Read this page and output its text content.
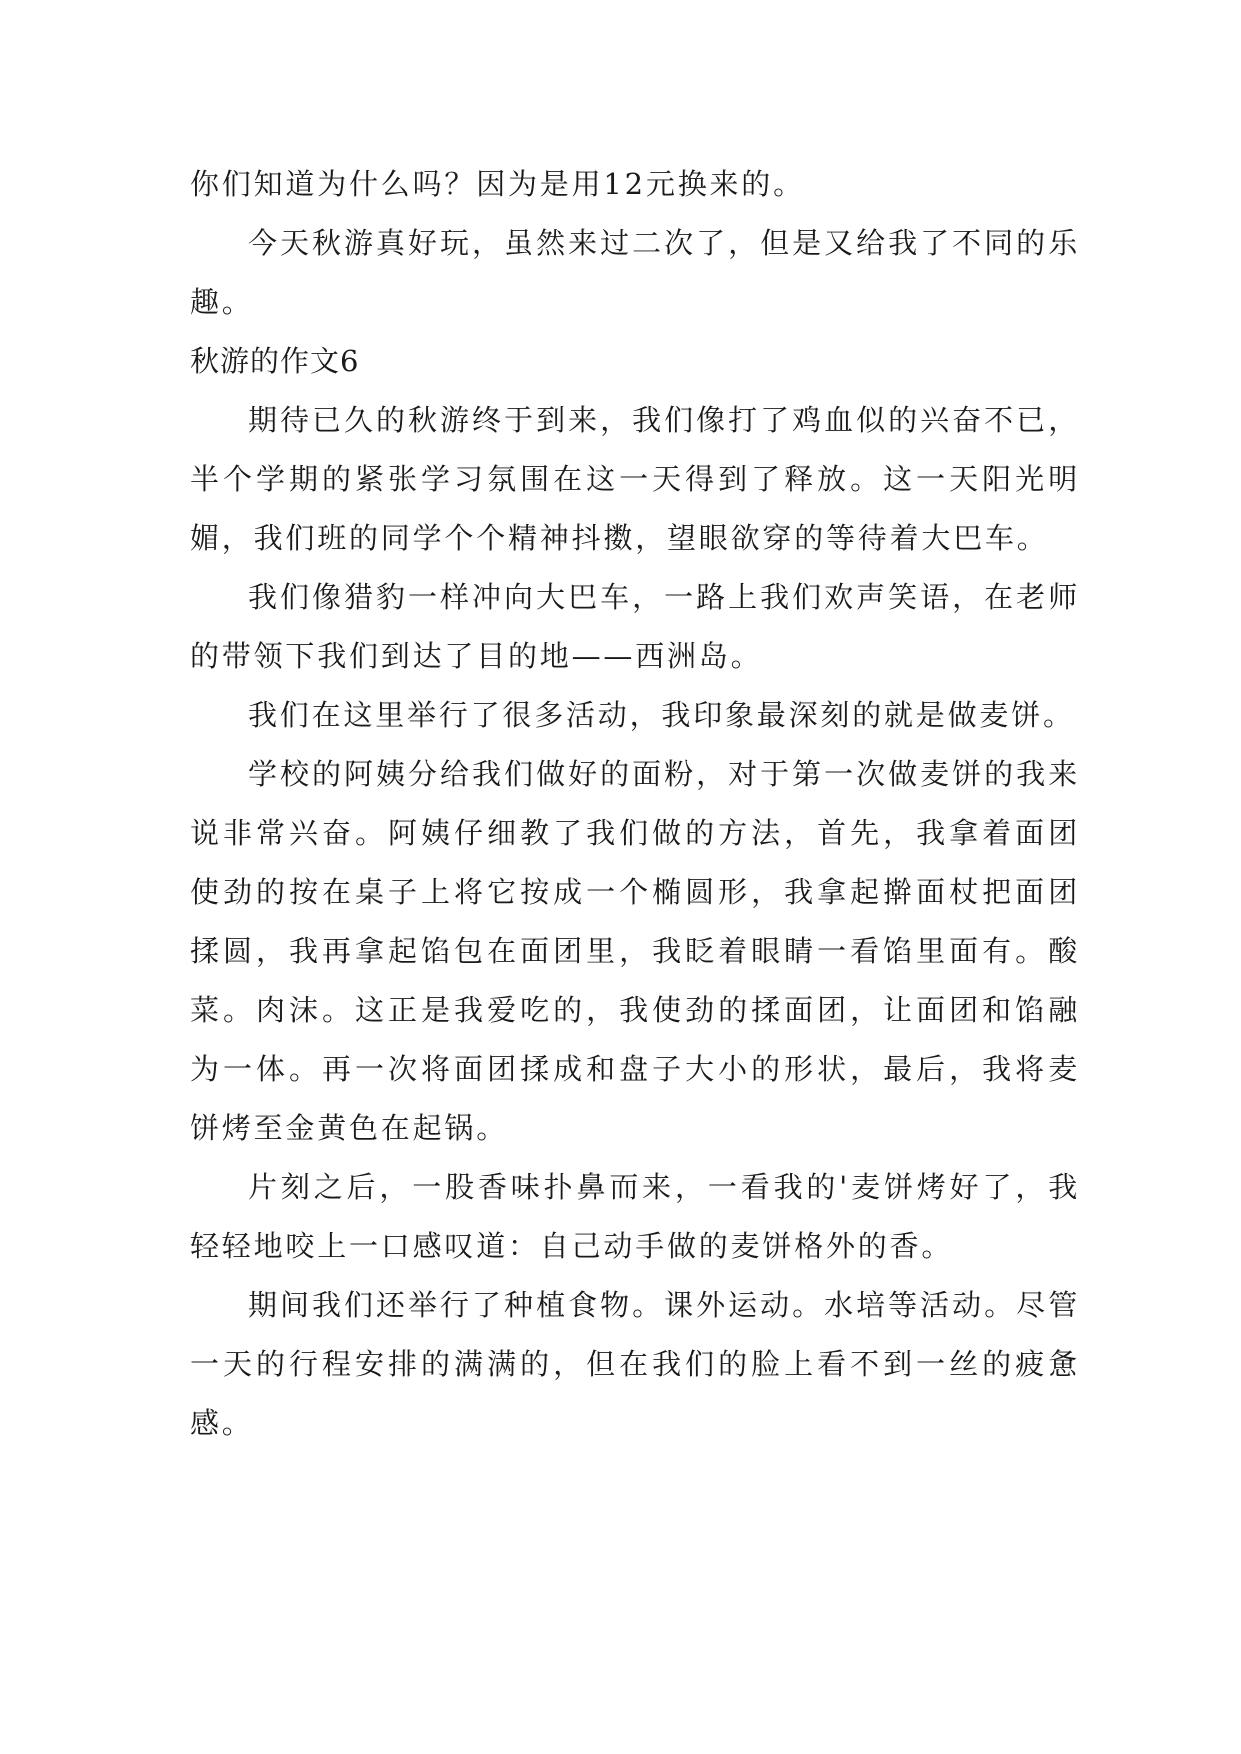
你们知道为什么吗？因为是用12元换来的。

今天秋游真好玩，虽然来过二次了，但是又给我了不同的乐趣。

秋游的作文6

期待已久的秋游终于到来，我们像打了鸡血似的兴奋不已，半个学期的紧张学习氛围在这一天得到了释放。这一天阳光明媚，我们班的同学个个精神抖擞，望眼欲穿的等待着大巴车。

我们像猎豹一样冲向大巴车，一路上我们欢声笑语，在老师的带领下我们到达了目的地——西洲岛。

我们在这里举行了很多活动，我印象最深刻的就是做麦饼。

学校的阿姨分给我们做好的面粉，对于第一次做麦饼的我来说非常兴奋。阿姨仔细教了我们做的方法，首先，我拿着面团使劲的按在桌子上将它按成一个椭圆形，我拿起擀面杖把面团揉圆，我再拿起馅包在面团里，我眨着眼睛一看馅里面有。酸菜。肉沫。这正是我爱吃的，我使劲的揉面团，让面团和馅融为一体。再一次将面团揉成和盘子大小的形状，最后，我将麦饼烤至金黄色在起锅。

片刻之后，一股香味扑鼻而来，一看我的'麦饼烤好了，我轻轻地咬上一口感叹道：自己动手做的麦饼格外的香。

期间我们还举行了种植食物。课外运动。水培等活动。尽管一天的行程安排的满满的，但在我们的脸上看不到一丝的疲惫感。
